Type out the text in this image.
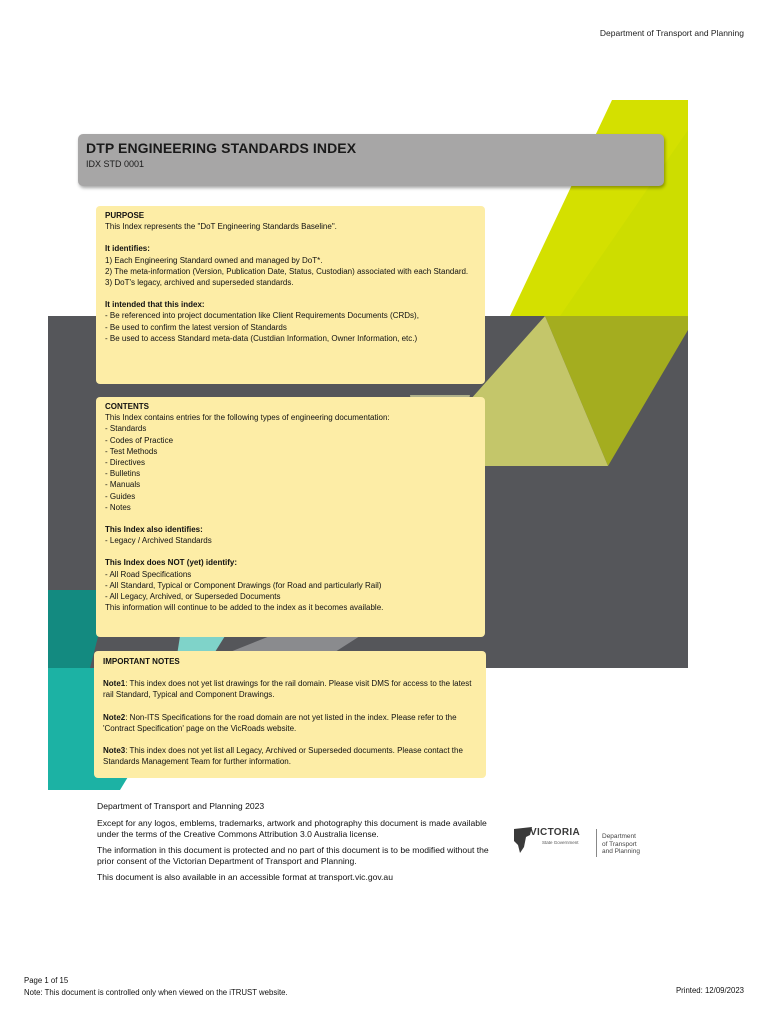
Department of Transport and Planning
DTP ENGINEERING STANDARDS INDEX
IDX STD 0001
PURPOSE
This Index represents the "DoT Engineering Standards Baseline".
It identifies:
1) Each Engineering Standard owned and managed by DoT*.
2) The meta-information (Version, Publication Date, Status, Custodian) associated with each Standard.
3) DoT's legacy, archived and superseded standards.
It intended that this index:
- Be referenced into project documentation like Client Requirements Documents (CRDs),
- Be used to confirm the latest version of Standards
- Be used to access Standard meta-data (Custdian Information, Owner Information, etc.)
CONTENTS
This Index contains entries for the following types of engineering documentation:
- Standards
- Codes of Practice
- Test Methods
- Directives
- Bulletins
- Manuals
- Guides
- Notes
This Index also identifies:
- Legacy / Archived Standards
This Index does NOT (yet) identify:
- All Road Specifications
- All Standard, Typical or Component Drawings (for Road and particularly Rail)
- All Legacy, Archived, or Superseded Documents
This information will continue to be added to the index as it becomes available.
IMPORTANT NOTES

Note1: This index does not yet list drawings for the rail domain. Please visit DMS for access to the latest rail Standard, Typical and Component Drawings.

Note2: Non-ITS Specifications for the road domain are not yet listed in the index. Please refer to the 'Contract Specification' page on the VicRoads website.

Note3: This index does not yet list all Legacy, Archived or Superseded documents. Please contact the Standards Management Team for further information.

Department of Transport and Planning 2023

Except for any logos, emblems, trademarks, artwork and photography this document is made available under the terms of the Creative Commons Attribution 3.0 Australia license.

The information in this document is protected and no part of this document is to be modified without the prior consent of the Victorian Department of Transport and Planning.

This document is also available in an accessible format at transport.vic.gov.au

VICTORIA
State Government
Department
of Transport
and Planning
Page 1 of 15
Note: This document is controlled only when viewed on the iTRUST website.	Printed: 12/09/2023
